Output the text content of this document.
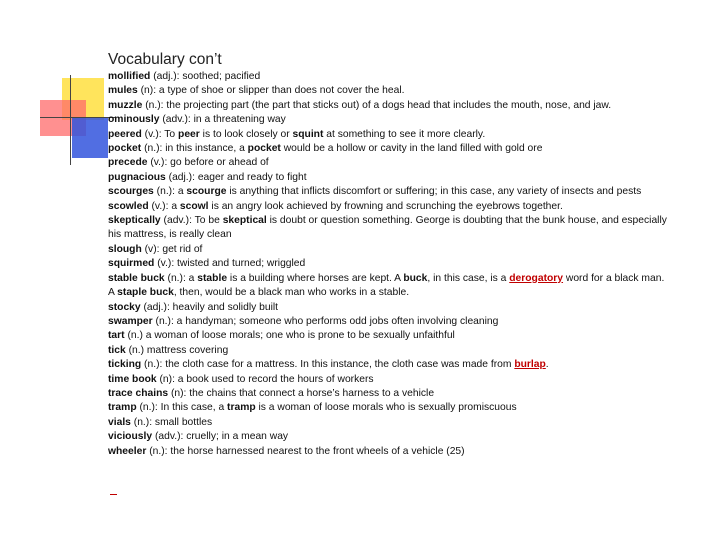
Vocabulary con’t

mollified (adj.): soothed; pacified

mules (n): a type of shoe or slipper than does not cover the heal.

muzzle (n.): the projecting part (the part that sticks out) of a dogs head that includes the mouth, nose, and jaw.

ominously (adv.): in a threatening way

peered (v.): To peer is to look closely or squint at something to see it more clearly.

pocket (n.): in this instance, a pocket would be a hollow or cavity in the land filled with gold ore

precede (v.): go before or ahead of

pugnacious (adj.): eager and ready to fight

scourges (n.): a scourge is anything that inflicts discomfort or suffering; in this case, any variety of insects and pests

scowled (v.): a scowl is an angry look achieved by frowning and scrunching the eyebrows together.

skeptically (adv.): To be skeptical is doubt or question something. George is doubting that the bunk house, and especially his mattress, is really clean

slough (v): get rid of

squirmed (v.): twisted and turned; wriggled

stable buck (n.): a stable is a building where horses are kept. A buck, in this case, is a derogatory word for a black man. A staple buck, then, would be a black man who works in a stable.

stocky (adj.): heavily and solidly built

swamper (n.): a handyman; someone who performs odd jobs often involving cleaning

tart (n.) a woman of loose morals; one who is prone to be sexually unfaithful

tick (n.) mattress covering

ticking (n.): the cloth case for a mattress. In this instance, the cloth case was made from burlap.

time book (n): a book used to record the hours of workers

trace chains (n): the chains that connect a horse’s harness to a vehicle

tramp (n.): In this case, a tramp is a woman of loose morals who is sexually promiscuous

vials (n.): small bottles

viciously (adv.): cruelly; in a mean way

wheeler (n.): the horse harnessed nearest to the front wheels of a vehicle (25)
